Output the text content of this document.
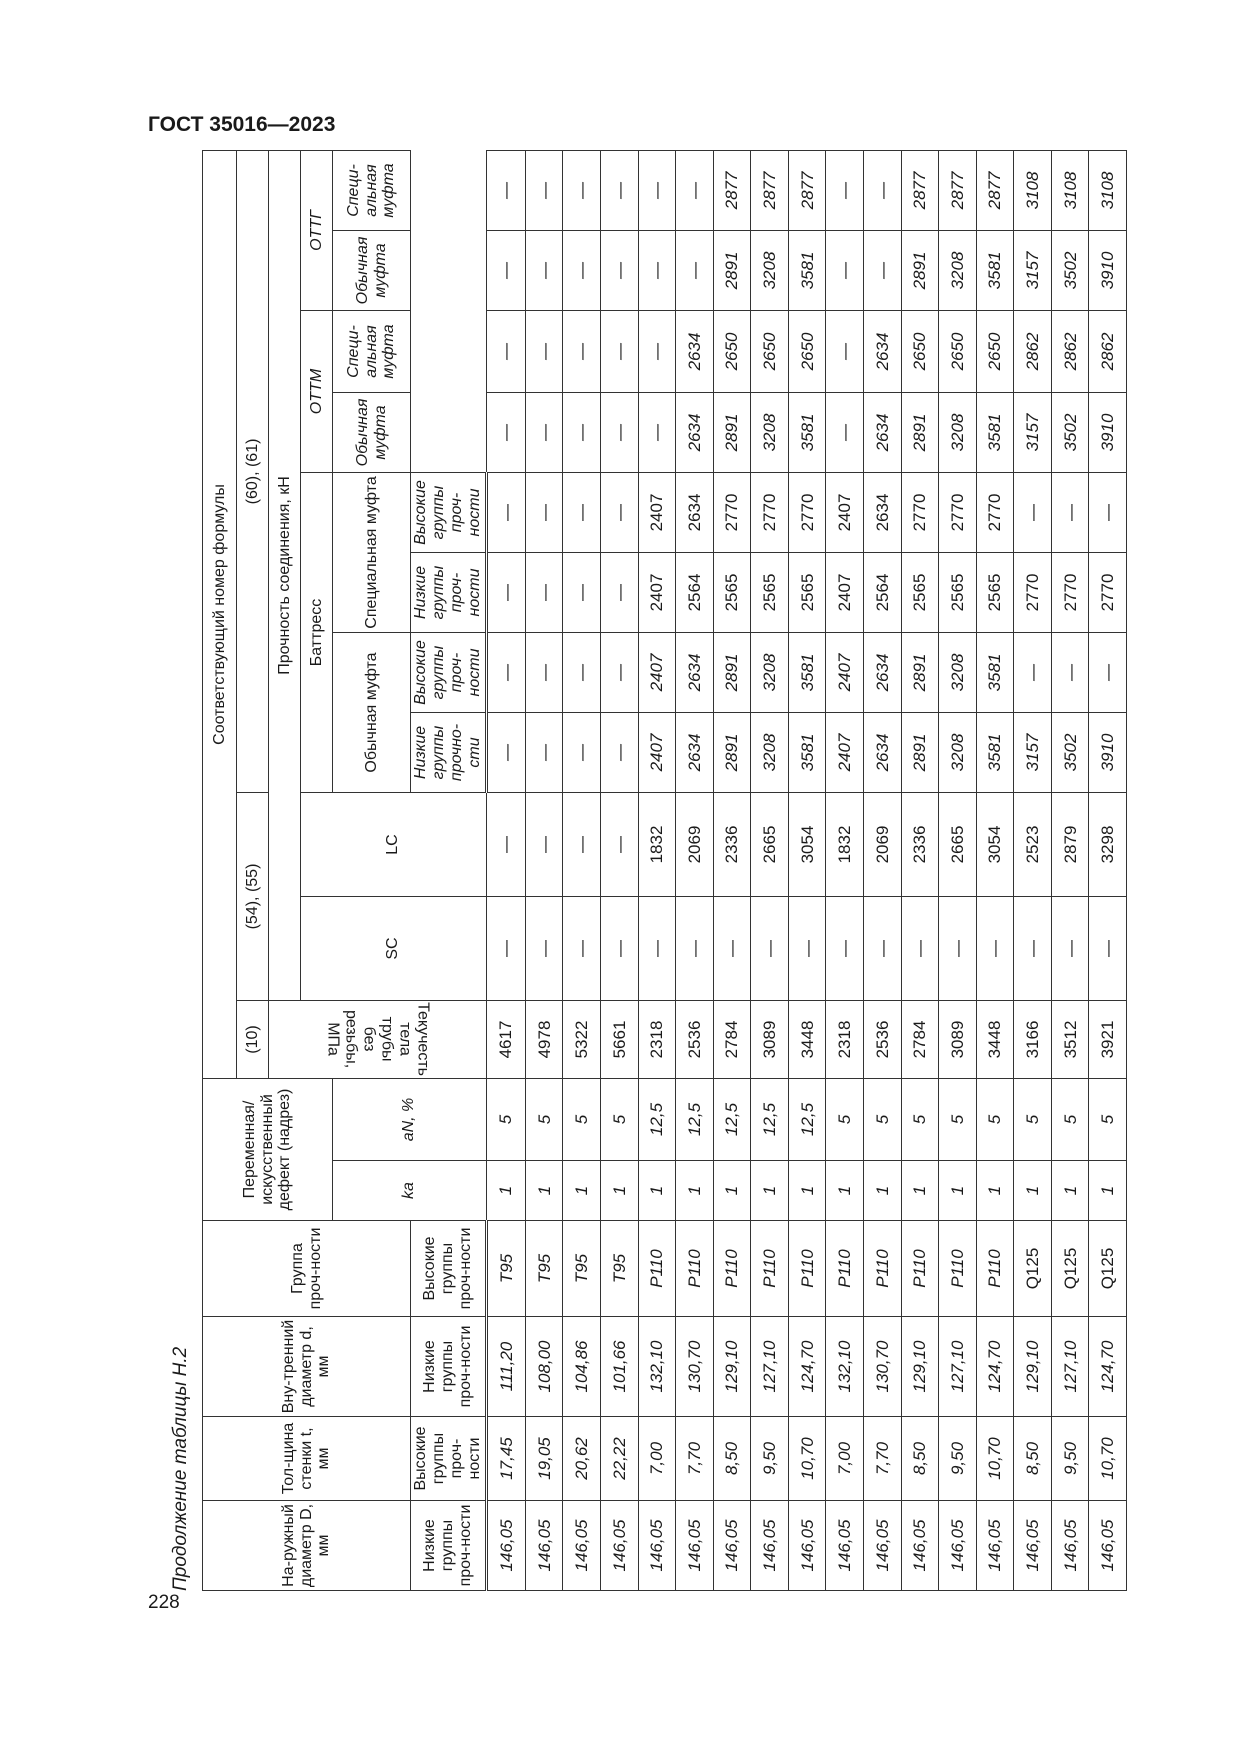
ГОСТ 35016—2023
228
Продолжение таблицы Н.2	На-ружный диаметр D, мм	Тол-щина стенки t, мм	Вну-тренний диаметр d, мм	Группа проч-ности	Переменная/ искусственный дефект (надрез)		Соответствующий номер формулы										
						(10)	(54), (55)		(60), (61)							
						Текучесть тела трубы без резьбы, МПа	Прочность соединения, кН									
							SC	LC	Баттресс				ОТТМ		ОТТГ	
				ka	aN, %				Обычная муфта		Специальная муфта		Обычная муфта	Специ-альная муфта	Обычная муфта	Специ-альная муфта
Низкие группы проч-ности	Высокие группы проч-ности	Низкие группы проч-ности	Высокие группы проч-ности						Низкие группы прочно-сти	Высокие группы проч-ности	Низкие группы проч-ности	Высокие группы проч-ности				
146,05	17,45	111,20	T95	1	5	4617	—	—	—	—	—	—	—	—	—	—
146,05	19,05	108,00	T95	1	5	4978	—	—	—	—	—	—	—	—	—	—
146,05	20,62	104,86	T95	1	5	5322	—	—	—	—	—	—	—	—	—	—
146,05	22,22	101,66	T95	1	5	5661	—	—	—	—	—	—	—	—	—	—
146,05	7,00	132,10	P110	1	12,5	2318	—	1832	2407	2407	2407	2407	—	—	—	—
146,05	7,70	130,70	P110	1	12,5	2536	—	2069	2634	2634	2564	2634	2634	2634	—	—
146,05	8,50	129,10	P110	1	12,5	2784	—	2336	2891	2891	2565	2770	2891	2650	2891	2877
146,05	9,50	127,10	P110	1	12,5	3089	—	2665	3208	3208	2565	2770	3208	2650	3208	2877
146,05	10,70	124,70	P110	1	12,5	3448	—	3054	3581	3581	2565	2770	3581	2650	3581	2877
146,05	7,00	132,10	P110	1	5	2318	—	1832	2407	2407	2407	2407	—	—	—	—
146,05	7,70	130,70	P110	1	5	2536	—	2069	2634	2634	2564	2634	2634	2634	—	—
146,05	8,50	129,10	P110	1	5	2784	—	2336	2891	2891	2565	2770	2891	2650	2891	2877
146,05	9,50	127,10	P110	1	5	3089	—	2665	3208	3208	2565	2770	3208	2650	3208	2877
146,05	10,70	124,70	P110	1	5	3448	—	3054	3581	3581	2565	2770	3581	2650	3581	2877
146,05	8,50	129,10	Q125	1	5	3166	—	2523	3157	—	2770	—	3157	2862	3157	3108
146,05	9,50	127,10	Q125	1	5	3512	—	2879	3502	—	2770	—	3502	2862	3502	3108
146,05	10,70	124,70	Q125	1	5	3921	—	3298	3910	—	2770	—	3910	2862	3910	3108
